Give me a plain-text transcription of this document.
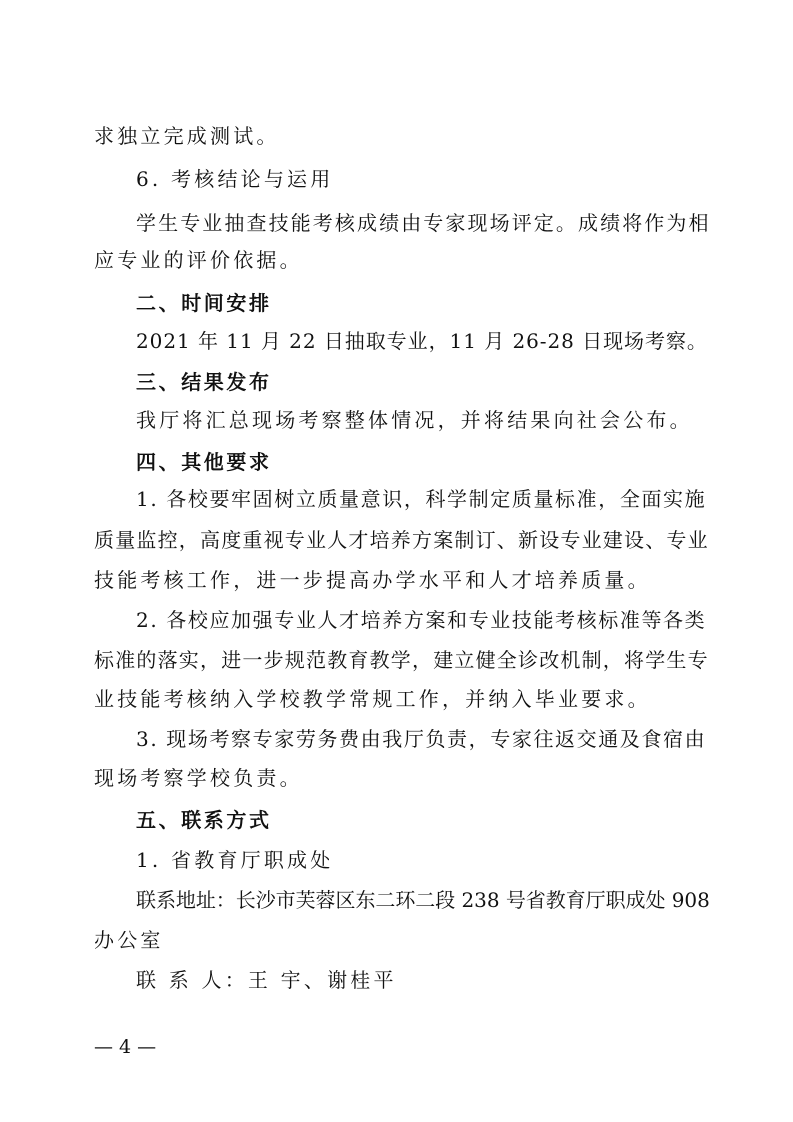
求独立完成测试。
6. 考核结论与运用
学生专业抽查技能考核成绩由专家现场评定。成绩将作为相
应专业的评价依据。
二、时间安排
2021 年 11 月 22 日抽取专业，11 月 26-28 日现场考察。
三、结果发布
我厅将汇总现场考察整体情况，并将结果向社会公布。
四、其他要求
1. 各校要牢固树立质量意识，科学制定质量标准，全面实施
质量监控，高度重视专业人才培养方案制订、新设专业建设、专业
技能考核工作，进一步提高办学水平和人才培养质量。
2. 各校应加强专业人才培养方案和专业技能考核标准等各类
标准的落实，进一步规范教育教学，建立健全诊改机制，将学生专
业技能考核纳入学校教学常规工作，并纳入毕业要求。
3. 现场考察专家劳务费由我厅负责，专家往返交通及食宿由
现场考察学校负责。
五、联系方式
1. 省教育厅职成处
联系地址：长沙市芙蓉区东二环二段 238 号省教育厅职成处 908
办公室
联 系 人：王 宇、谢桂平
— 4 —
